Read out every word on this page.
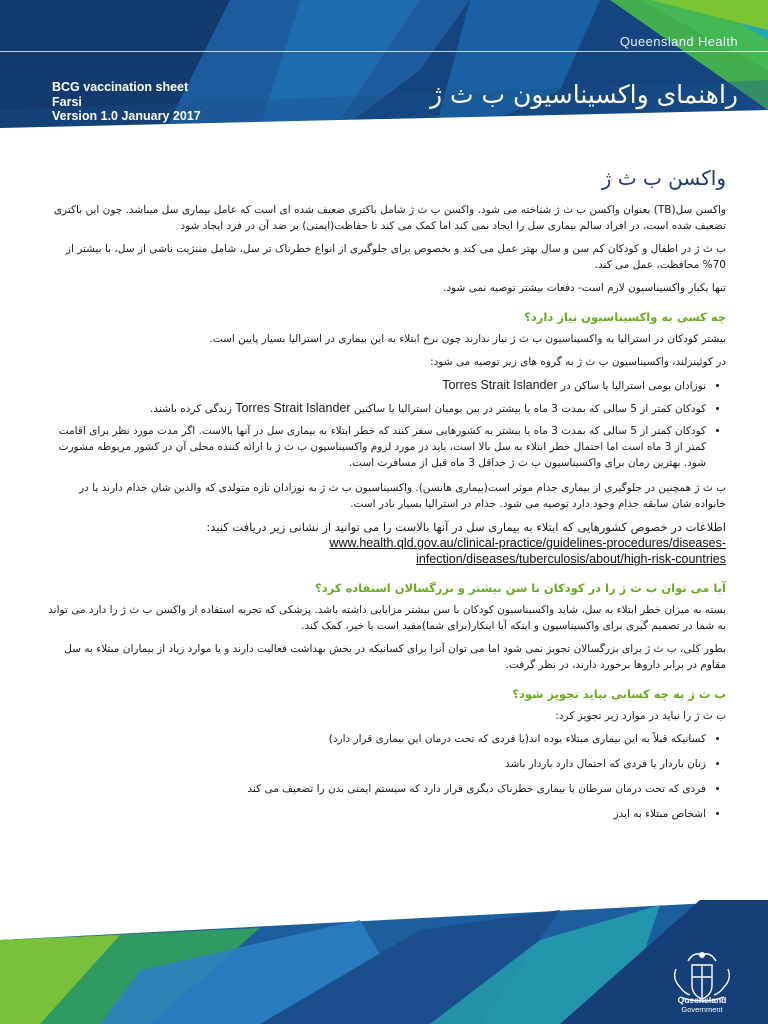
Queensland Health
BCG vaccination sheet
Farsi
Version 1.0 January 2017
راهنمای واکسیناسیون ب ث ژ
واکسن ب ث ژ

واکسن سل(TB) بعنوان واکسن ب ث ژ شناخته می شود. واکسن ب ث ژ شامل باکتری ضعیف شده ای است که عامل بیماری سل میباشد. چون این باکتری تضعیف شده است، در افراد سالم بیماری سل را ایجاد نمی کند اما کمک می کند تا حفاظت(ایمنی) بر ضد آن در فرد ایجاد شود

ب ث ژ در اطفال و کودکان کم سن و سال بهتر عمل می کند و بخصوص برای جلوگیری از انواع خطرناک تر سل، شامل مننژیت ناشی از سل، با بیشتر از 70% محافظت، عمل می کند.

تنها یکبار واکسیناسیون لازم است- دفعات بیشتر توصیه نمی شود.

چه کسی به واکسیناسیون نیاز دارد؟

بیشتر کودکان در استرالیا به واکسیناسیون ب ث ژ نیاز ندارند چون نرخ ابتلاء به این بیماری در استرالیا بسیار پایین است.

در کوئینزلند، واکسیناسیون ب ث ژ به گروه های زیر توصیه می شود:

• نوزادان بومی استرالیا یا ساکن در Torres Strait Islander
• کودکان کمتر از 5 سالی که بمدت 3 ماه یا بیشتر در بین بومیان استرالیا یا ساکنین Torres Strait Islander زندگی کرده باشند.
• کودکان کمتر از 5 سالی که بمدت 3 ماه یا بیشتر به کشورهایی سفر کنند که خطر ابتلاء به بیماری سل در آنها بالاست. اگر مدت مورد نظر برای اقامت کمتر از 3 ماه است اما احتمال خطر ابتلاء به سل بالا است، باید در مورد لزوم واکسیناسیون ب ث ژ با ارائه کننده محلی آن در کشور مربوطه مشورت شود. بهترین زمان برای واکسیناسیون ب ث ژ حداقل 3 ماه قبل از مسافرت است.

ب ث ژ همچنین در جلوگیری از بیماری جذام موثر است(بیماری هانسن). واکسیناسیون ب ث ژ به نوزادان تازه متولدی که والدین شان جذام دارند یا در خانواده شان سابقه جذام وجود دارد توصیه می شود. جذام در استرالیا بسیار نادر است.

اطلاعات در خصوص کشورهایی که ابتلاء به بیماری سل در آنها بالاست را می توانید از نشانی زیر دریافت کنید:
www.health.qld.gov.au/clinical-practice/guidelines-procedures/diseases-
infection/diseases/tuberculosis/about/high-risk-countries

آیا می توان ب ث ژ را در کودکان با سن بیشتر و بزرگسالان استفاده کرد؟

بسته به میزان خطر ابتلاء به سل، شاید واکسیناسیون کودکان با سن بیشتر مزایایی داشته باشد. پزشکی که تجربه استفاده از واکسن ب ث ژ را دارد می تواند به شما در تصمیم گیری برای واکسیناسیون و اینکه آیا اینکار(برای شما)مفید است یا خیر، کمک کند.

بطور کلی، ب ث ژ برای بزرگسالان تجویز نمی شود اما می توان آنرا برای کسانیکه در بخش بهداشت فعالیت دارند و یا موارد زیاد از بیماران مبتلاء به سل مقاوم در برابر داروها برخورد دارند، در نظر گرفت.

ب ث ژ به چه کسانی نباید تجویز شود؟

ب ث ژ را نباید در موارد زیر تجویز کرد:

• کسانیکه قبلاً به این بیماری مبتلاء بوده اند(یا فردی که تحت درمان این بیماری قرار دارد)
• زنان باردار یا فردی که احتمال دارد باردار باشد
• فردی که تحت درمان سرطان یا بیماری خطرناک دیگری قرار دارد که سیستم ایمنی بدن را تضعیف می کند
• اشخاص مبتلاء به ایدز
Queensland
Government
